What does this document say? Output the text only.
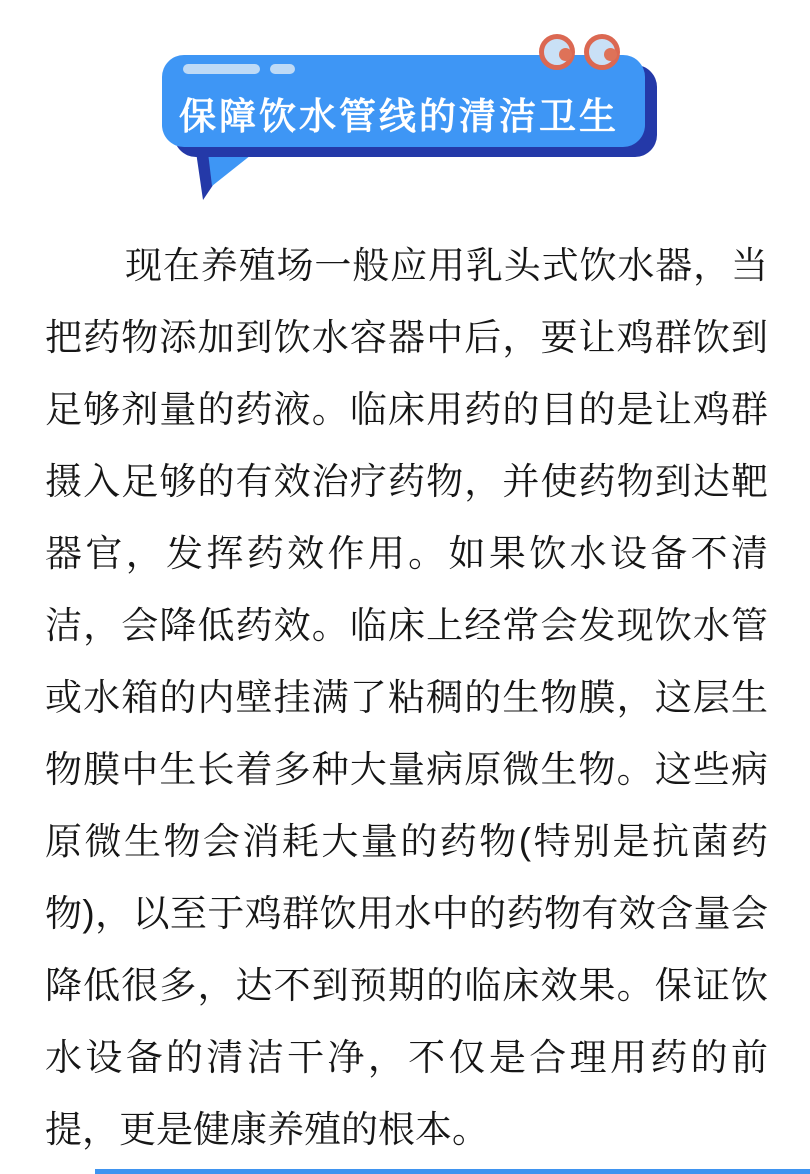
保障饮水管线的清洁卫生
现在养殖场一般应用乳头式饮水器，当
把药物添加到饮水容器中后，要让鸡群饮到
足够剂量的药液。临床用药的目的是让鸡群
摄入足够的有效治疗药物，并使药物到达靶
器官，发挥药效作用。如果饮水设备不清
洁，会降低药效。临床上经常会发现饮水管
或水箱的内壁挂满了粘稠的生物膜，这层生
物膜中生长着多种大量病原微生物。这些病
原微生物会消耗大量的药物(特别是抗菌药
物)，以至于鸡群饮用水中的药物有效含量会
降低很多，达不到预期的临床效果。保证饮
水设备的清洁干净，不仅是合理用药的前
提，更是健康养殖的根本。
